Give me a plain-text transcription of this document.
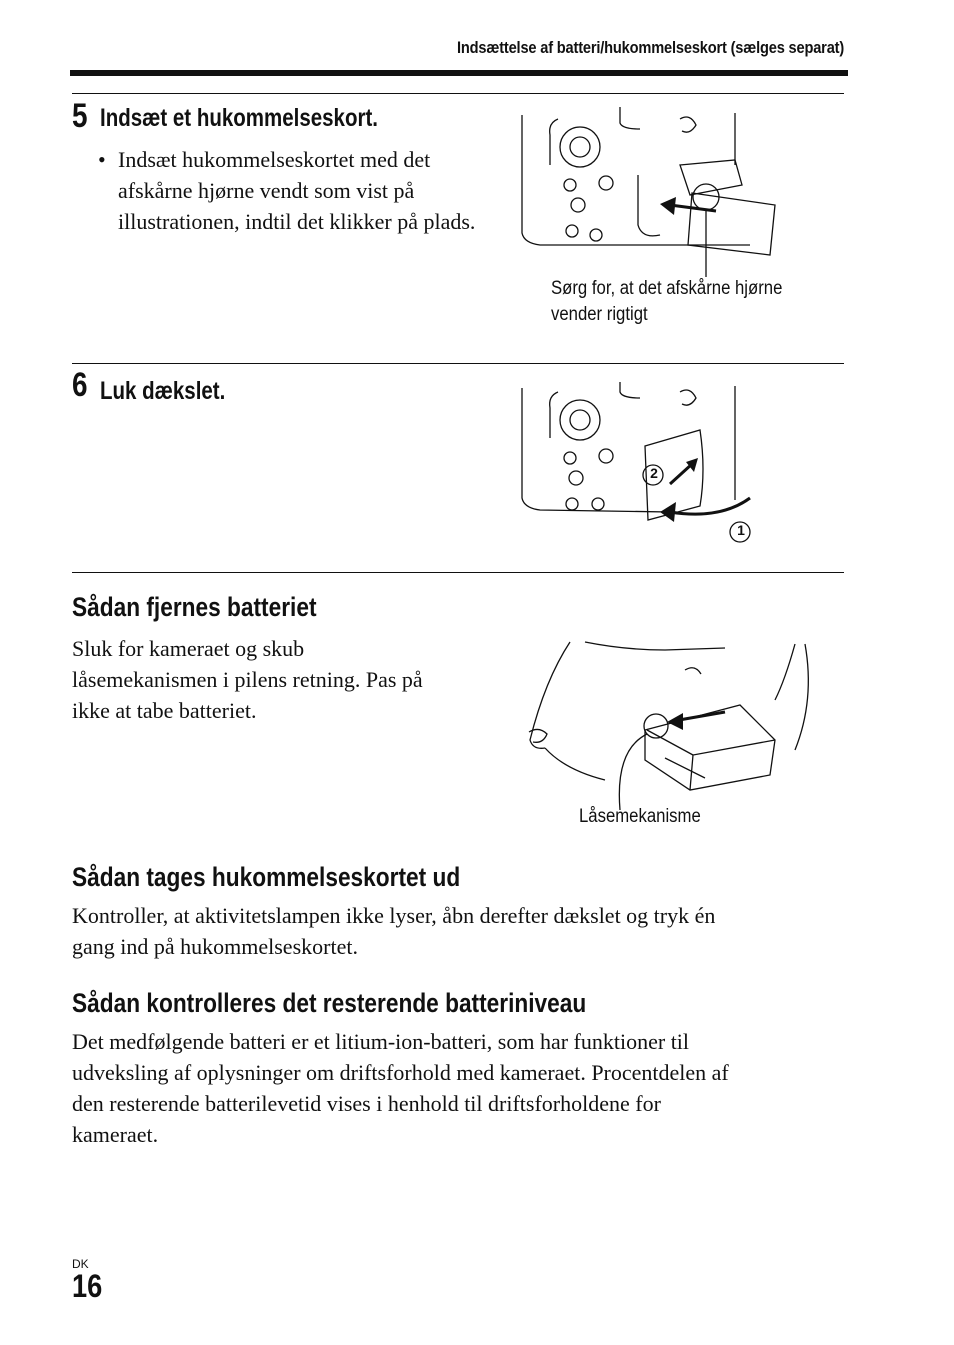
Indsættelse af batteri/hukommelseskort (sælges separat)
5 Indsæt et hukommelseskort.
• Indsæt hukommelseskortet med det afskårne hjørne vendt som vist på illustrationen, indtil det klikker på plads.
Sørg for, at det afskårne hjørne
vender rigtigt
6 Luk dækslet.
2
1
Sådan fjernes batteriet
Sluk for kameraet og skub
låsemekanismen i pilens retning. Pas på
ikke at tabe batteriet.
Låsemekanisme
Sådan tages hukommelseskortet ud
Kontroller, at aktivitetslampen ikke lyser, åbn derefter dækslet og tryk én
gang ind på hukommelseskortet.
Sådan kontrolleres det resterende batteriniveau
Det medfølgende batteri er et litium-ion-batteri, som har funktioner til
udveksling af oplysninger om driftsforhold med kameraet. Procentdelen af
den resterende batterilevetid vises i henhold til driftsforholdene for
kameraet.
DK
16
